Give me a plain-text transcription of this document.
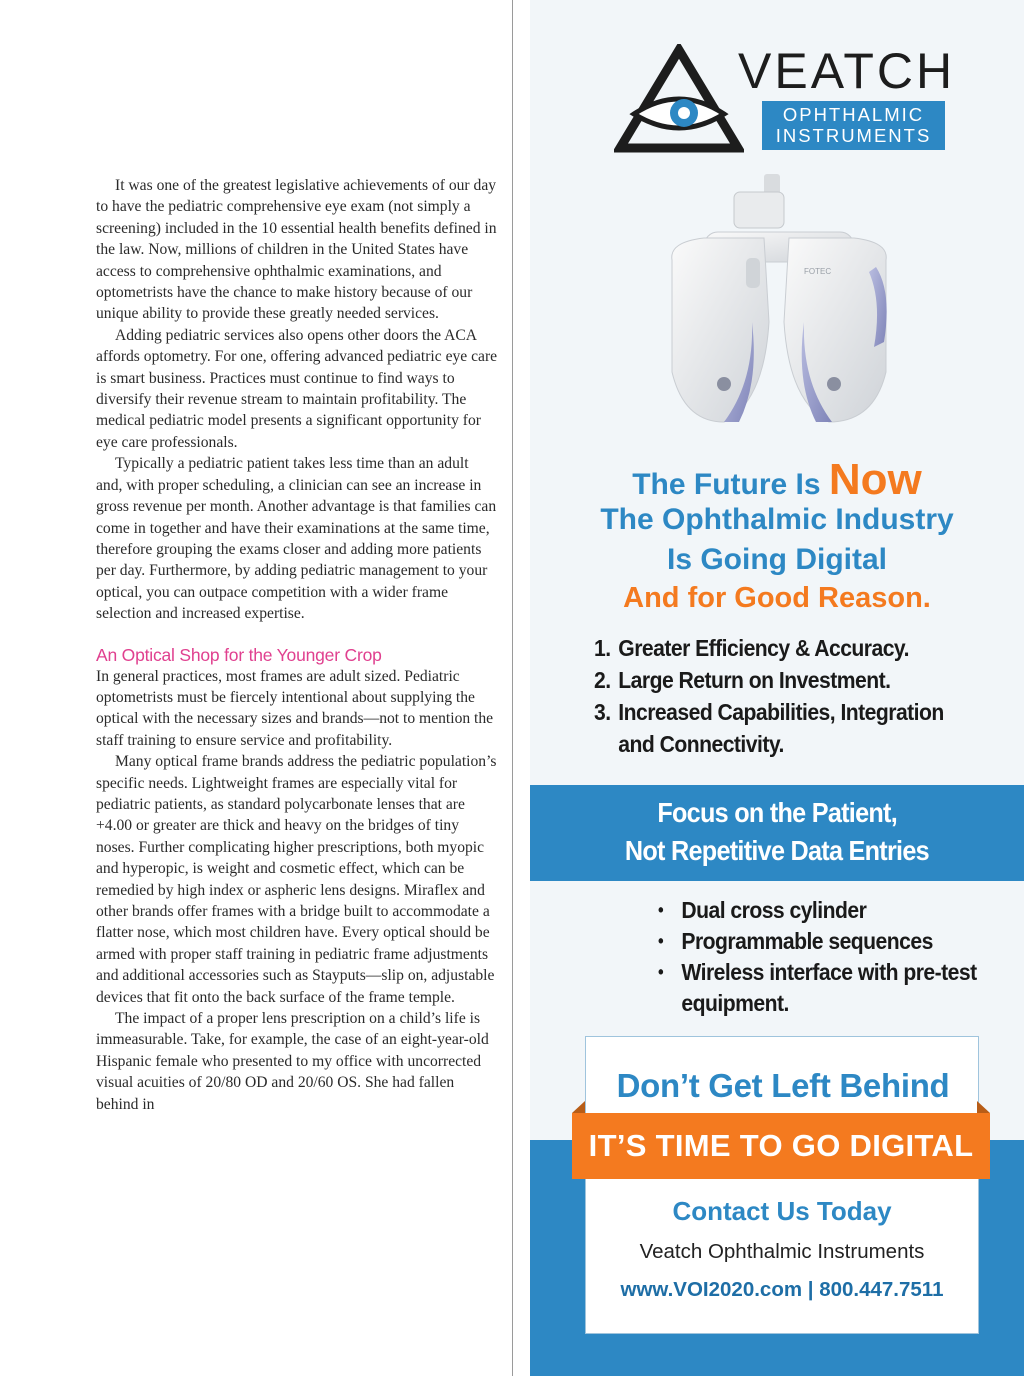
It was one of the greatest legislative achievements of our day to have the pediatric comprehensive eye exam (not simply a screening) included in the 10 essential health benefits defined in the law. Now, millions of children in the United States have access to comprehensive ophthalmic examinations, and optometrists have the chance to make history because of our unique ability to provide these greatly needed services.

Adding pediatric services also opens other doors the ACA affords optometry. For one, offering advanced pediatric eye care is smart business. Practices must continue to find ways to diversify their revenue stream to maintain profitability. The medical pediatric model presents a significant opportunity for eye care professionals.

Typically a pediatric patient takes less time than an adult and, with proper scheduling, a clinician can see an increase in gross revenue per month. Another advantage is that families can come in together and have their examinations at the same time, therefore grouping the exams closer and adding more patients per day. Furthermore, by adding pediatric management to your optical, you can outpace competition with a wider frame selection and increased expertise.

An Optical Shop for the Younger Crop

In general practices, most frames are adult sized. Pediatric optometrists must be fiercely intentional about supplying the optical with the necessary sizes and brands—not to mention the staff training to ensure service and profitability.

Many optical frame brands address the pediatric population’s specific needs. Lightweight frames are especially vital for pediatric patients, as standard polycarbonate lenses that are +4.00 or greater are thick and heavy on the bridges of tiny noses. Further complicating higher prescriptions, both myopic and hyperopic, is weight and cosmetic effect, which can be remedied by high index or aspheric lens designs. Miraflex and other brands offer frames with a bridge built to accommodate a flatter nose, which most children have. Every optical should be armed with proper staff training in pediatric frame adjustments and additional accessories such as Stayputs—slip on, adjustable devices that fit onto the back surface of the frame temple.

The impact of a proper lens prescription on a child’s life is immeasurable. Take, for example, the case of an eight-year-old Hispanic female who presented to my office with uncorrected visual acuities of 20/80 OD and 20/60 OS. She had fallen behind in

VEATCH
OPHTHALMIC
INSTRUMENTS
FOTEC
The Future Is Now
The Ophthalmic Industry
Is Going Digital
And for Good Reason.
1. Greater Efficiency & Accuracy.
2. Large Return on Investment.
3. Increased Capabilities, Integration and Connectivity.
Focus on the Patient,
Not Repetitive Data Entries
• Dual cross cylinder
• Programmable sequences
• Wireless interface with pre-test equipment.
Don’t Get Left Behind
IT’S TIME TO GO DIGITAL
Contact Us Today
Veatch Ophthalmic Instruments
www.VOI2020.com | 800.447.7511
